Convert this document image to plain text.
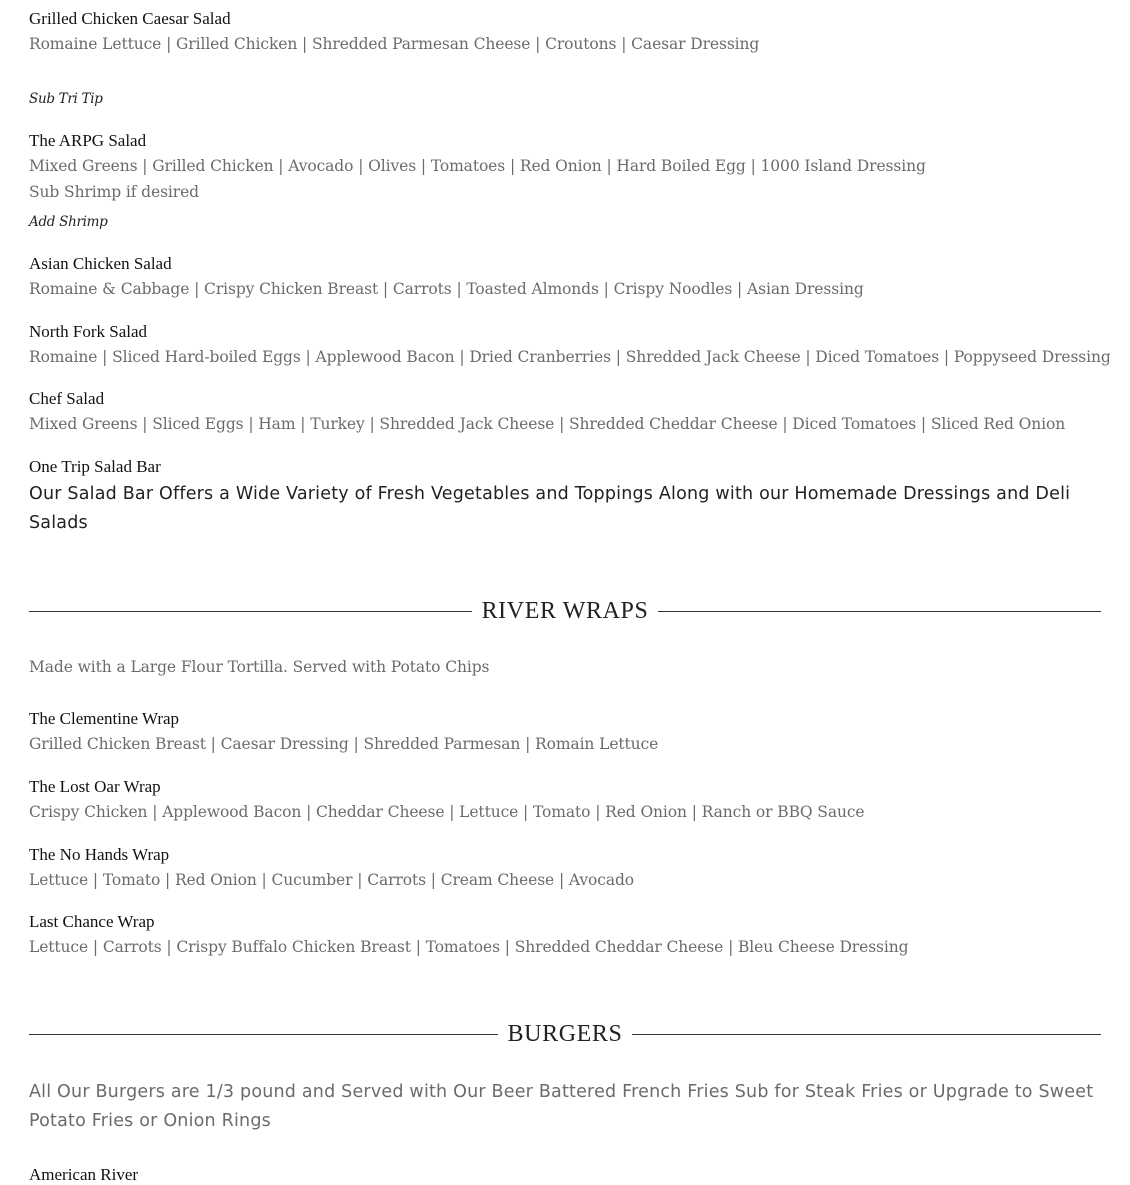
Grilled Chicken Caesar Salad
Romaine Lettuce | Grilled Chicken | Shredded Parmesan Cheese | Croutons | Caesar Dressing
Sub Tri Tip
The ARPG Salad
Mixed Greens | Grilled Chicken | Avocado | Olives | Tomatoes | Red Onion | Hard Boiled Egg | 1000 Island Dressing
Sub Shrimp if desired
Add Shrimp
Asian Chicken Salad
Romaine & Cabbage | Crispy Chicken Breast | Carrots | Toasted Almonds | Crispy Noodles | Asian Dressing
North Fork Salad
Romaine | Sliced Hard-boiled Eggs | Applewood Bacon | Dried Cranberries | Shredded Jack Cheese | Diced Tomatoes | Poppyseed Dressing
Chef Salad
Mixed Greens | Sliced Eggs | Ham | Turkey | Shredded Jack Cheese | Shredded Cheddar Cheese | Diced Tomatoes | Sliced Red Onion
One Trip Salad Bar
Our Salad Bar Offers a Wide Variety of Fresh Vegetables and Toppings Along with our Homemade Dressings and Deli Salads
RIVER WRAPS
Made with a Large Flour Tortilla. Served with Potato Chips
The Clementine Wrap
Grilled Chicken Breast | Caesar Dressing | Shredded Parmesan | Romain Lettuce
The Lost Oar Wrap
Crispy Chicken | Applewood Bacon | Cheddar Cheese | Lettuce | Tomato | Red Onion | Ranch or BBQ Sauce
The No Hands Wrap
Lettuce | Tomato | Red Onion | Cucumber | Carrots | Cream Cheese | Avocado
Last Chance Wrap
Lettuce | Carrots | Crispy Buffalo Chicken Breast | Tomatoes | Shredded Cheddar Cheese | Bleu Cheese Dressing
BURGERS
All Our Burgers are 1/3 pound and Served with Our Beer Battered French Fries Sub for Steak Fries or Upgrade to Sweet Potato Fries or Onion Rings
American River
